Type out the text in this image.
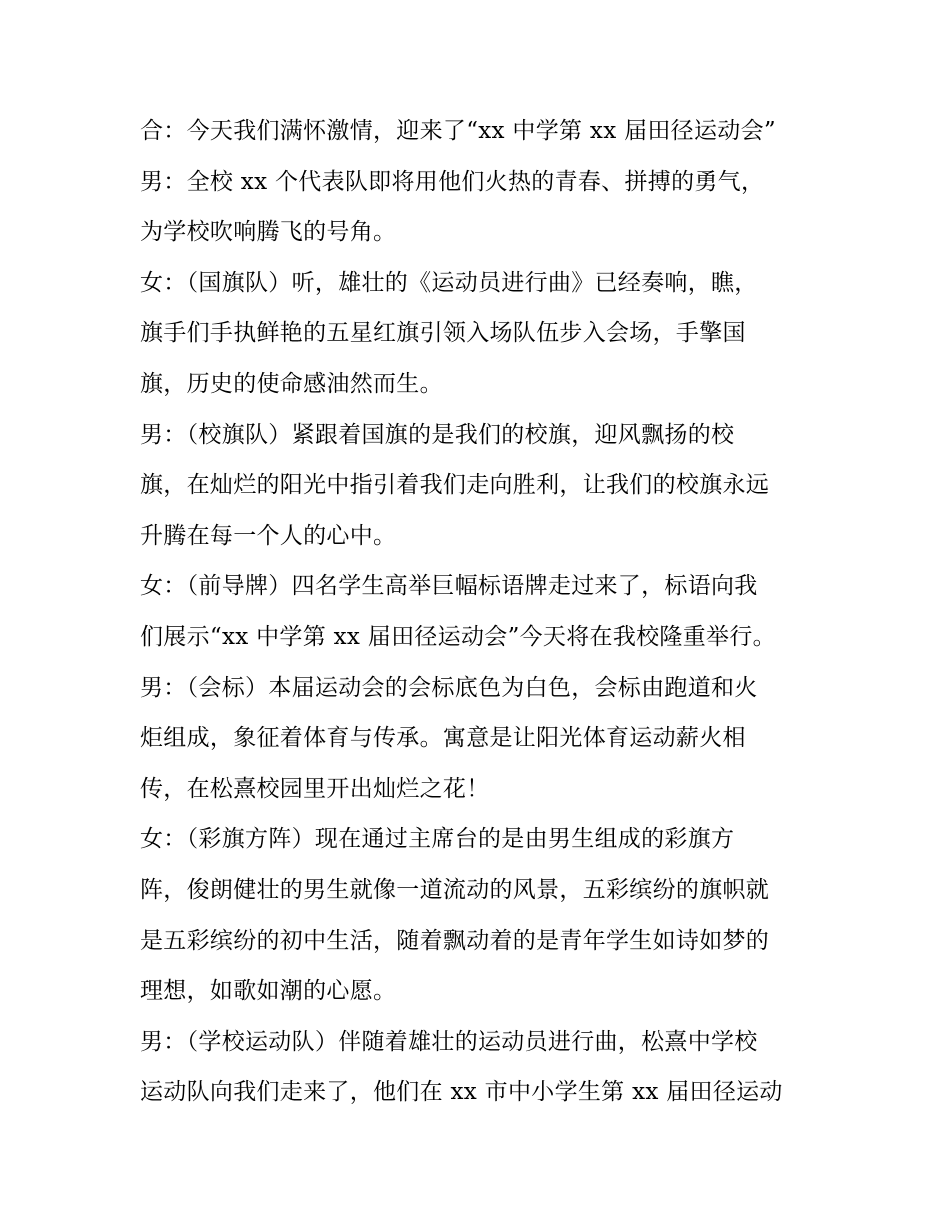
合：今天我们满怀激情，迎来了“xx 中学第 xx 届田径运动会”
男：全校 xx 个代表队即将用他们火热的青春、拼搏的勇气，
为学校吹响腾飞的号角。
女：（国旗队）听，雄壮的《运动员进行曲》已经奏响，瞧，
旗手们手执鲜艳的五星红旗引领入场队伍步入会场，手擎国
旗，历史的使命感油然而生。
男：（校旗队）紧跟着国旗的是我们的校旗，迎风飘扬的校
旗，在灿烂的阳光中指引着我们走向胜利，让我们的校旗永远
升腾在每一个人的心中。
女：（前导牌）四名学生高举巨幅标语牌走过来了，标语向我
们展示“xx 中学第 xx 届田径运动会”今天将在我校隆重举行。
男：（会标）本届运动会的会标底色为白色，会标由跑道和火
炬组成，象征着体育与传承。寓意是让阳光体育运动薪火相
传，在松熹校园里开出灿烂之花！
女：（彩旗方阵）现在通过主席台的是由男生组成的彩旗方
阵，俊朗健壮的男生就像一道流动的风景，五彩缤纷的旗帜就
是五彩缤纷的初中生活，随着飘动着的是青年学生如诗如梦的
理想，如歌如潮的心愿。
男：（学校运动队）伴随着雄壮的运动员进行曲，松熹中学校
运动队向我们走来了，他们在 xx 市中小学生第 xx 届田径运动
